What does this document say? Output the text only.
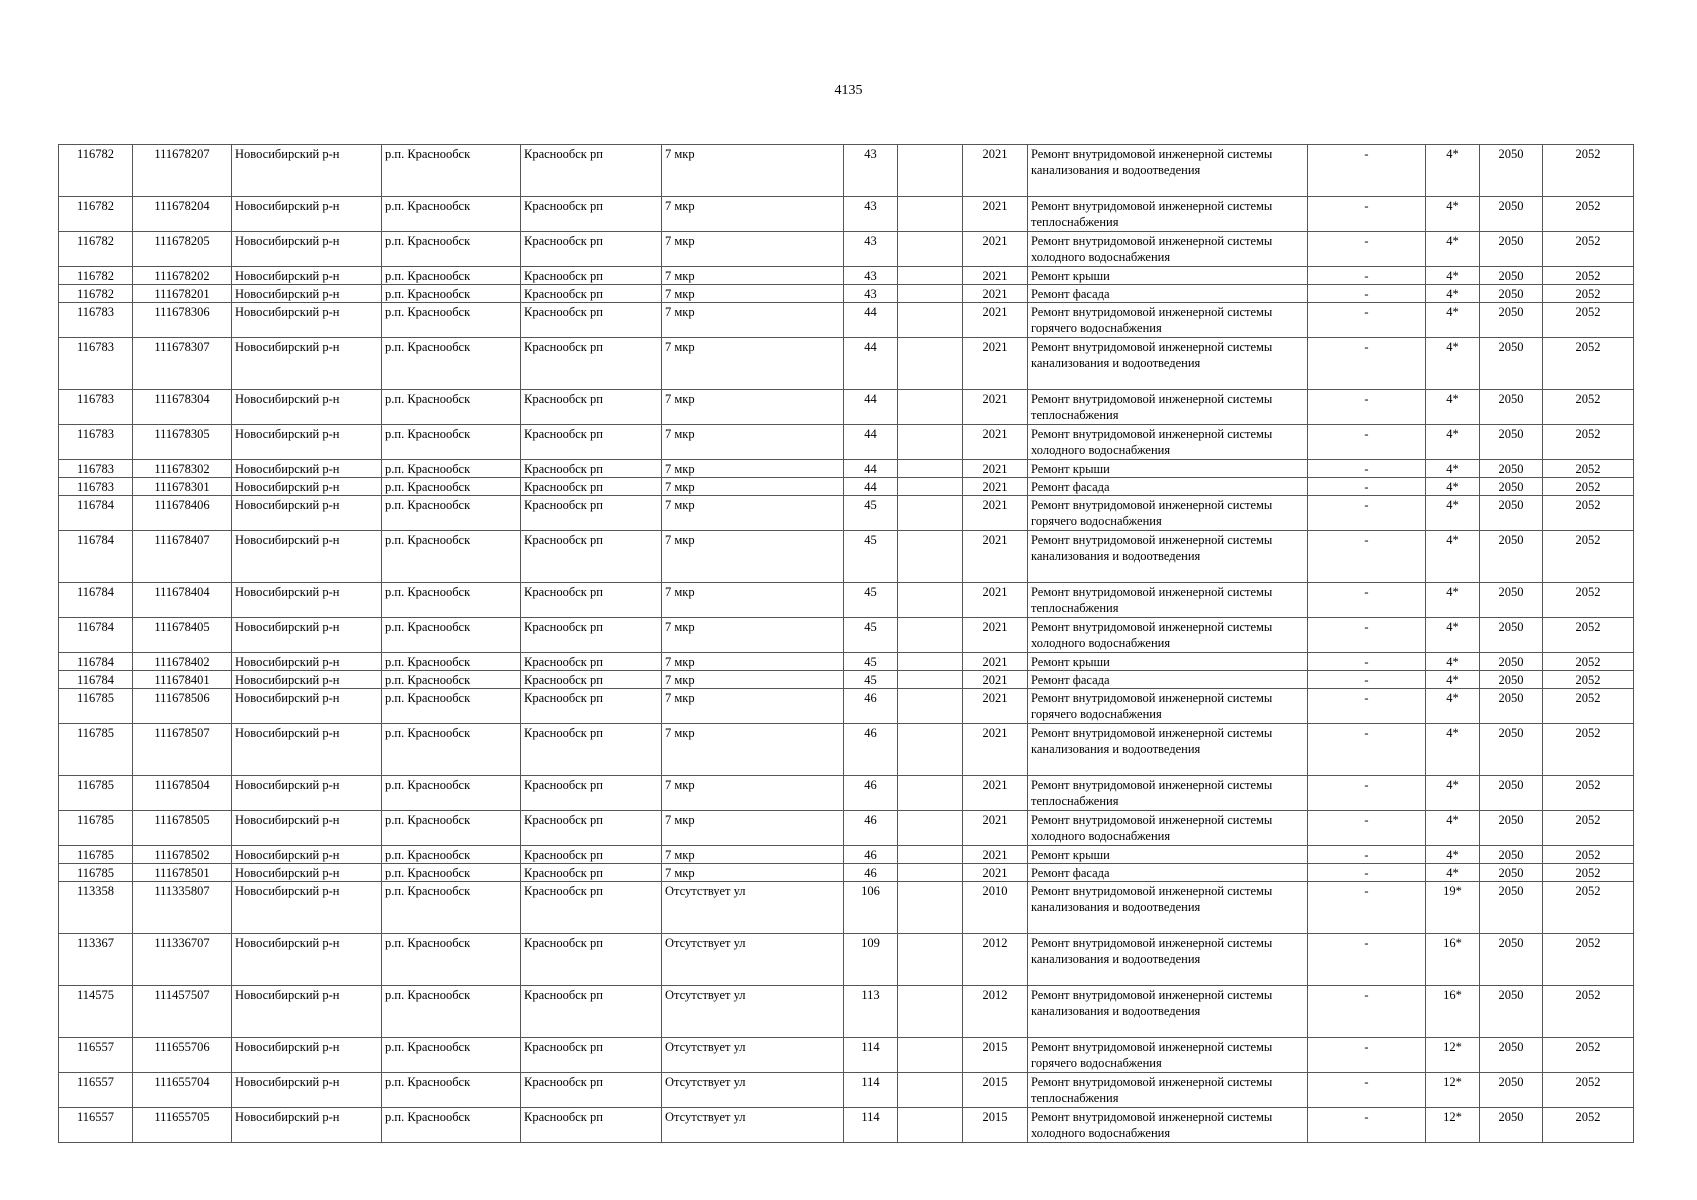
4135
116782	111678207	Новосибирский р-н	р.п. Краснообск	Краснообск рп	7 мкр	43		2021	Ремонт внутридомовой инженерной системы канализования и водоотведения	-	4*	2050	2052
116782	111678204	Новосибирский р-н	р.п. Краснообск	Краснообск рп	7 мкр	43		2021	Ремонт внутридомовой инженерной системы теплоснабжения	-	4*	2050	2052
116782	111678205	Новосибирский р-н	р.п. Краснообск	Краснообск рп	7 мкр	43		2021	Ремонт внутридомовой инженерной системы холодного водоснабжения	-	4*	2050	2052
116782	111678202	Новосибирский р-н	р.п. Краснообск	Краснообск рп	7 мкр	43		2021	Ремонт крыши	-	4*	2050	2052
116782	111678201	Новосибирский р-н	р.п. Краснообск	Краснообск рп	7 мкр	43		2021	Ремонт фасада	-	4*	2050	2052
116783	111678306	Новосибирский р-н	р.п. Краснообск	Краснообск рп	7 мкр	44		2021	Ремонт внутридомовой инженерной системы горячего водоснабжения	-	4*	2050	2052
116783	111678307	Новосибирский р-н	р.п. Краснообск	Краснообск рп	7 мкр	44		2021	Ремонт внутридомовой инженерной системы канализования и водоотведения	-	4*	2050	2052
116783	111678304	Новосибирский р-н	р.п. Краснообск	Краснообск рп	7 мкр	44		2021	Ремонт внутридомовой инженерной системы теплоснабжения	-	4*	2050	2052
116783	111678305	Новосибирский р-н	р.п. Краснообск	Краснообск рп	7 мкр	44		2021	Ремонт внутридомовой инженерной системы холодного водоснабжения	-	4*	2050	2052
116783	111678302	Новосибирский р-н	р.п. Краснообск	Краснообск рп	7 мкр	44		2021	Ремонт крыши	-	4*	2050	2052
116783	111678301	Новосибирский р-н	р.п. Краснообск	Краснообск рп	7 мкр	44		2021	Ремонт фасада	-	4*	2050	2052
116784	111678406	Новосибирский р-н	р.п. Краснообск	Краснообск рп	7 мкр	45		2021	Ремонт внутридомовой инженерной системы горячего водоснабжения	-	4*	2050	2052
116784	111678407	Новосибирский р-н	р.п. Краснообск	Краснообск рп	7 мкр	45		2021	Ремонт внутридомовой инженерной системы канализования и водоотведения	-	4*	2050	2052
116784	111678404	Новосибирский р-н	р.п. Краснообск	Краснообск рп	7 мкр	45		2021	Ремонт внутридомовой инженерной системы теплоснабжения	-	4*	2050	2052
116784	111678405	Новосибирский р-н	р.п. Краснообск	Краснообск рп	7 мкр	45		2021	Ремонт внутридомовой инженерной системы холодного водоснабжения	-	4*	2050	2052
116784	111678402	Новосибирский р-н	р.п. Краснообск	Краснообск рп	7 мкр	45		2021	Ремонт крыши	-	4*	2050	2052
116784	111678401	Новосибирский р-н	р.п. Краснообск	Краснообск рп	7 мкр	45		2021	Ремонт фасада	-	4*	2050	2052
116785	111678506	Новосибирский р-н	р.п. Краснообск	Краснообск рп	7 мкр	46		2021	Ремонт внутридомовой инженерной системы горячего водоснабжения	-	4*	2050	2052
116785	111678507	Новосибирский р-н	р.п. Краснообск	Краснообск рп	7 мкр	46		2021	Ремонт внутридомовой инженерной системы канализования и водоотведения	-	4*	2050	2052
116785	111678504	Новосибирский р-н	р.п. Краснообск	Краснообск рп	7 мкр	46		2021	Ремонт внутридомовой инженерной системы теплоснабжения	-	4*	2050	2052
116785	111678505	Новосибирский р-н	р.п. Краснообск	Краснообск рп	7 мкр	46		2021	Ремонт внутридомовой инженерной системы холодного водоснабжения	-	4*	2050	2052
116785	111678502	Новосибирский р-н	р.п. Краснообск	Краснообск рп	7 мкр	46		2021	Ремонт крыши	-	4*	2050	2052
116785	111678501	Новосибирский р-н	р.п. Краснообск	Краснообск рп	7 мкр	46		2021	Ремонт фасада	-	4*	2050	2052
113358	111335807	Новосибирский р-н	р.п. Краснообск	Краснообск рп	Отсутствует ул	106		2010	Ремонт внутридомовой инженерной системы канализования и водоотведения	-	19*	2050	2052
113367	111336707	Новосибирский р-н	р.п. Краснообск	Краснообск рп	Отсутствует ул	109		2012	Ремонт внутридомовой инженерной системы канализования и водоотведения	-	16*	2050	2052
114575	111457507	Новосибирский р-н	р.п. Краснообск	Краснообск рп	Отсутствует ул	113		2012	Ремонт внутридомовой инженерной системы канализования и водоотведения	-	16*	2050	2052
116557	111655706	Новосибирский р-н	р.п. Краснообск	Краснообск рп	Отсутствует ул	114		2015	Ремонт внутридомовой инженерной системы горячего водоснабжения	-	12*	2050	2052
116557	111655704	Новосибирский р-н	р.п. Краснообск	Краснообск рп	Отсутствует ул	114		2015	Ремонт внутридомовой инженерной системы теплоснабжения	-	12*	2050	2052
116557	111655705	Новосибирский р-н	р.п. Краснообск	Краснообск рп	Отсутствует ул	114		2015	Ремонт внутридомовой инженерной системы холодного водоснабжения	-	12*	2050	2052
